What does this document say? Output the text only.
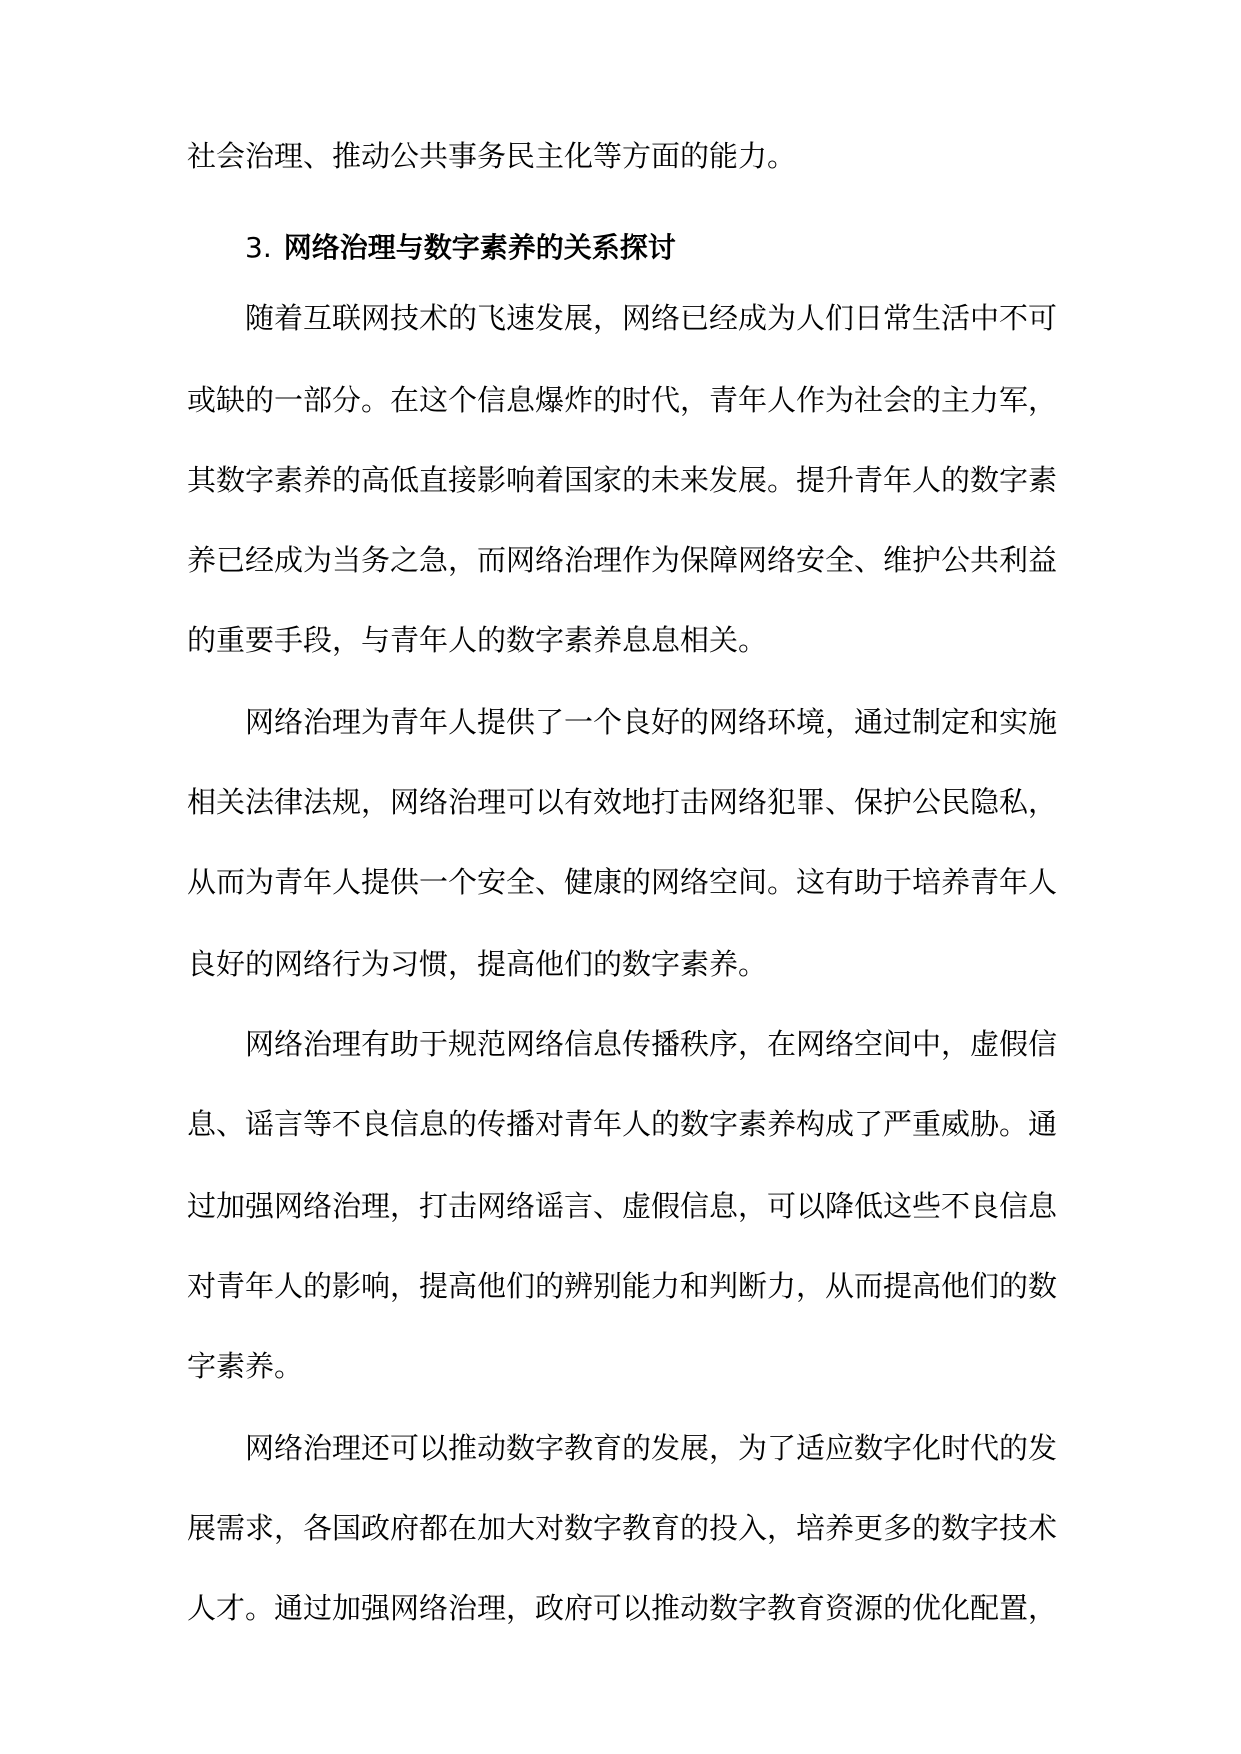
社会治理、推动公共事务民主化等方面的能力。
3. 网络治理与数字素养的关系探讨
随着互联网技术的飞速发展，网络已经成为人们日常生活中不可
或缺的一部分。在这个信息爆炸的时代，青年人作为社会的主力军，
其数字素养的高低直接影响着国家的未来发展。提升青年人的数字素
养已经成为当务之急，而网络治理作为保障网络安全、维护公共利益
的重要手段，与青年人的数字素养息息相关。
网络治理为青年人提供了一个良好的网络环境，通过制定和实施
相关法律法规，网络治理可以有效地打击网络犯罪、保护公民隐私，
从而为青年人提供一个安全、健康的网络空间。这有助于培养青年人
良好的网络行为习惯，提高他们的数字素养。
网络治理有助于规范网络信息传播秩序，在网络空间中，虚假信
息、谣言等不良信息的传播对青年人的数字素养构成了严重威胁。通
过加强网络治理，打击网络谣言、虚假信息，可以降低这些不良信息
对青年人的影响，提高他们的辨别能力和判断力，从而提高他们的数
字素养。
网络治理还可以推动数字教育的发展，为了适应数字化时代的发
展需求，各国政府都在加大对数字教育的投入，培养更多的数字技术
人才。通过加强网络治理，政府可以推动数字教育资源的优化配置，
